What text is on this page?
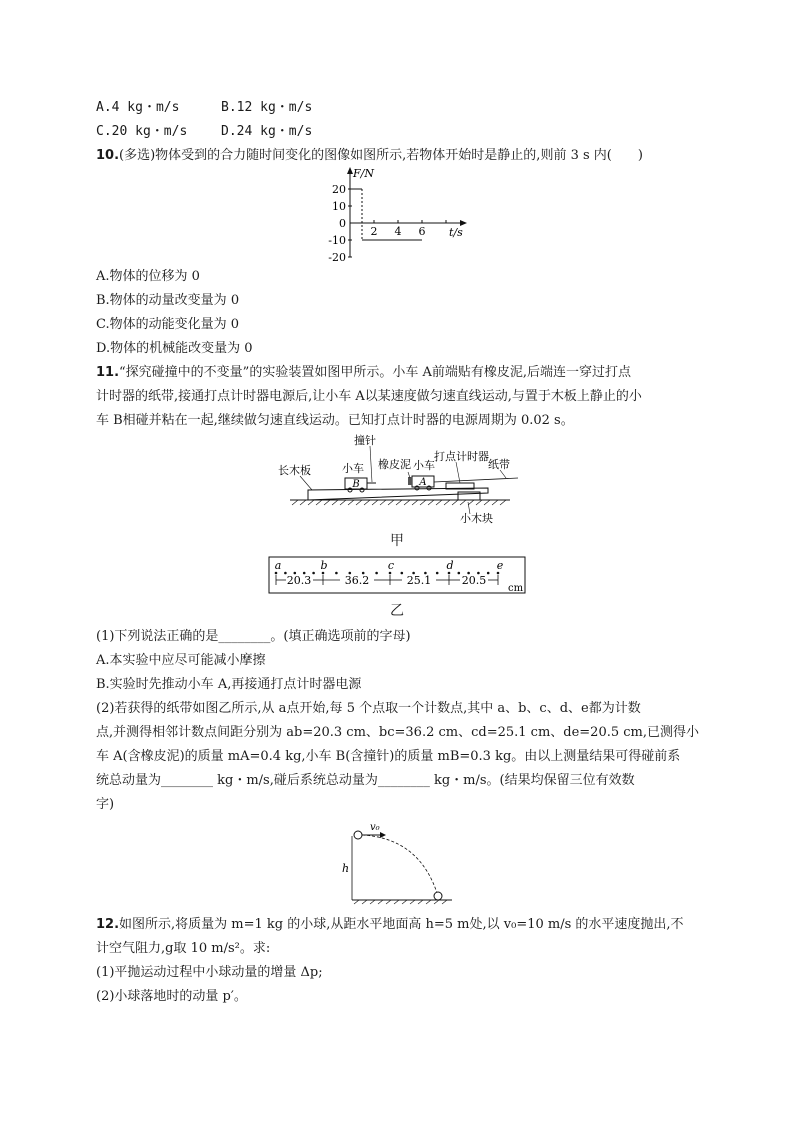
A.4 kg・m/s	B.12 kg・m/s
C.20 kg・m/s	D.24 kg・m/s
10.(多选)物体受到的合力随时间变化的图像如图所示,若物体开始时是静止的,则前 3 s 内(　　)
F/N
t/s
20
10
0
-10
-20
2 4 6
A.物体的位移为 0
B.物体的动量改变量为 0
C.物体的动能变化量为 0
D.物体的机械能改变量为 0
11.“探究碰撞中的不变量”的实验装置如图甲所示。小车 A前端贴有橡皮泥,后端连一穿过打点
计时器的纸带,接通打点计时器电源后,让小车 A以某速度做匀速直线运动,与置于木板上静止的小
车 B相碰并粘在一起,继续做匀速直线运动。已知打点计时器的电源周期为 0.02 s。
B	A
撞针
长木板	小车 橡皮泥 小车
打点计时器
纸带
小木块
甲
a	b	c	d	e
20.3	36.2	25.1	20.5
cm
乙
(1)下列说法正确的是________。(填正确选项前的字母)
A.本实验中应尽可能减小摩擦
B.实验时先推动小车 A,再接通打点计时器电源
(2)若获得的纸带如图乙所示,从 a点开始,每 5 个点取一个计数点,其中 a、b、c、d、e都为计数
点,并测得相邻计数点间距分别为 ab=20.3 cm、bc=36.2 cm、cd=25.1 cm、de=20.5 cm,已测得小
车 A(含橡皮泥)的质量 mA=0.4 kg,小车 B(含撞针)的质量 mB=0.3 kg。由以上测量结果可得碰前系
统总动量为________ kg・m/s,碰后系统总动量为________ kg・m/s。(结果均保留三位有效数
字)
v₀
h
12.如图所示,将质量为 m=1 kg 的小球,从距水平地面高 h=5 m处,以 v₀=10 m/s 的水平速度抛出,不
计空气阻力,g取 10 m/s²。求:
(1)平抛运动过程中小球动量的增量 Δp;
(2)小球落地时的动量 p′。
